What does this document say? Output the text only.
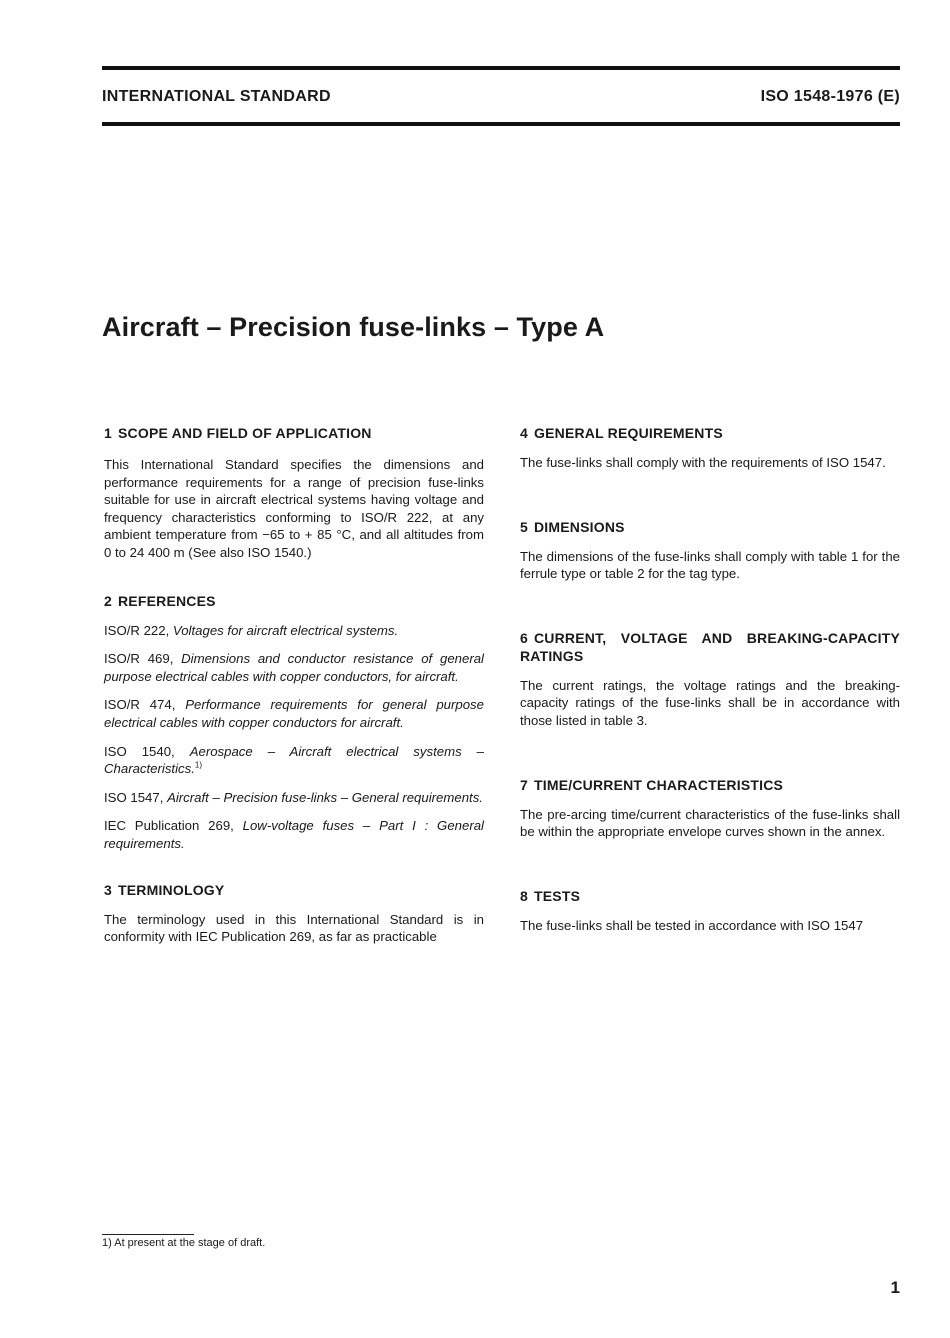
INTERNATIONAL STANDARD	ISO 1548-1976 (E)
Aircraft – Precision fuse-links – Type A
1 SCOPE AND FIELD OF APPLICATION

This International Standard specifies the dimensions and performance requirements for a range of precision fuse-links suitable for use in aircraft electrical systems having voltage and frequency characteristics conforming to ISO/R 222, at any ambient temperature from −65 to + 85 °C, and all altitudes from 0 to 24 400 m (See also ISO 1540.)

2 REFERENCES

ISO/R 222, Voltages for aircraft electrical systems.

ISO/R 469, Dimensions and conductor resistance of general purpose electrical cables with copper conductors, for aircraft.

ISO/R 474, Performance requirements for general purpose electrical cables with copper conductors for aircraft.

ISO 1540, Aerospace – Aircraft electrical systems – Characteristics.$^{1)}$

ISO 1547, Aircraft – Precision fuse-links – General requirements.

IEC Publication 269, Low-voltage fuses – Part I : General requirements.

3 TERMINOLOGY

The terminology used in this International Standard is in conformity with IEC Publication 269, as far as practicable

4 GENERAL REQUIREMENTS

The fuse-links shall comply with the requirements of ISO 1547.

5 DIMENSIONS

The dimensions of the fuse-links shall comply with table 1 for the ferrule type or table 2 for the tag type.

6 CURRENT, VOLTAGE AND BREAKING-CAPACITY RATINGS

The current ratings, the voltage ratings and the breaking-capacity ratings of the fuse-links shall be in accordance with those listed in table 3.

7 TIME/CURRENT CHARACTERISTICS

The pre-arcing time/current characteristics of the fuse-links shall be within the appropriate envelope curves shown in the annex.

8 TESTS

The fuse-links shall be tested in accordance with ISO 1547

1) At present at the stage of draft.
1
